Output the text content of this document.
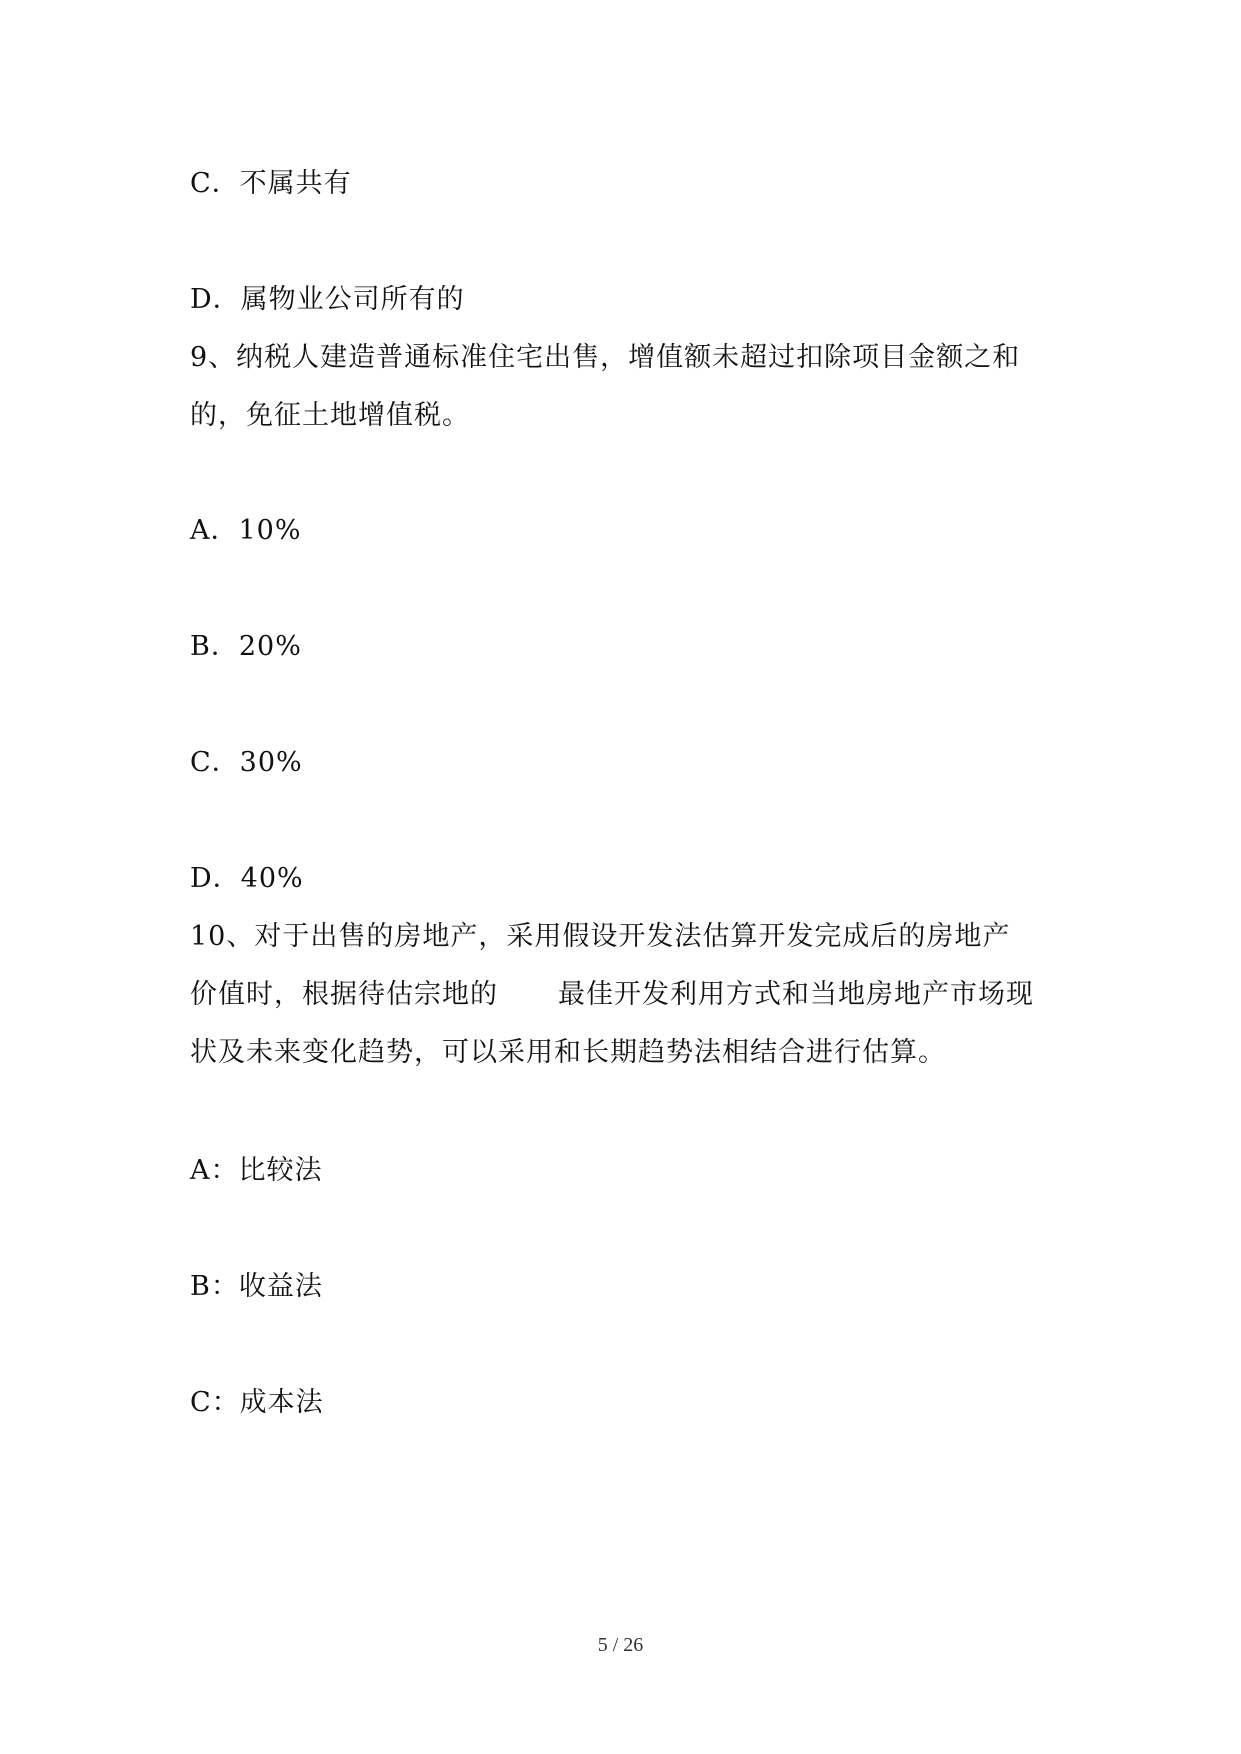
C．不属共有
D．属物业公司所有的
9、纳税人建造普通标准住宅出售，增值额未超过扣除项目金额之和
的，免征土地增值税。
A．10%
B．20%
C．30%
D．40%
10、对于出售的房地产，采用假设开发法估算开发完成后的房地产
价值时，根据待估宗地的 最佳开发利用方式和当地房地产市场现
状及未来变化趋势，可以采用和长期趋势法相结合进行估算。
A：比较法
B：收益法
C：成本法
5 / 26
